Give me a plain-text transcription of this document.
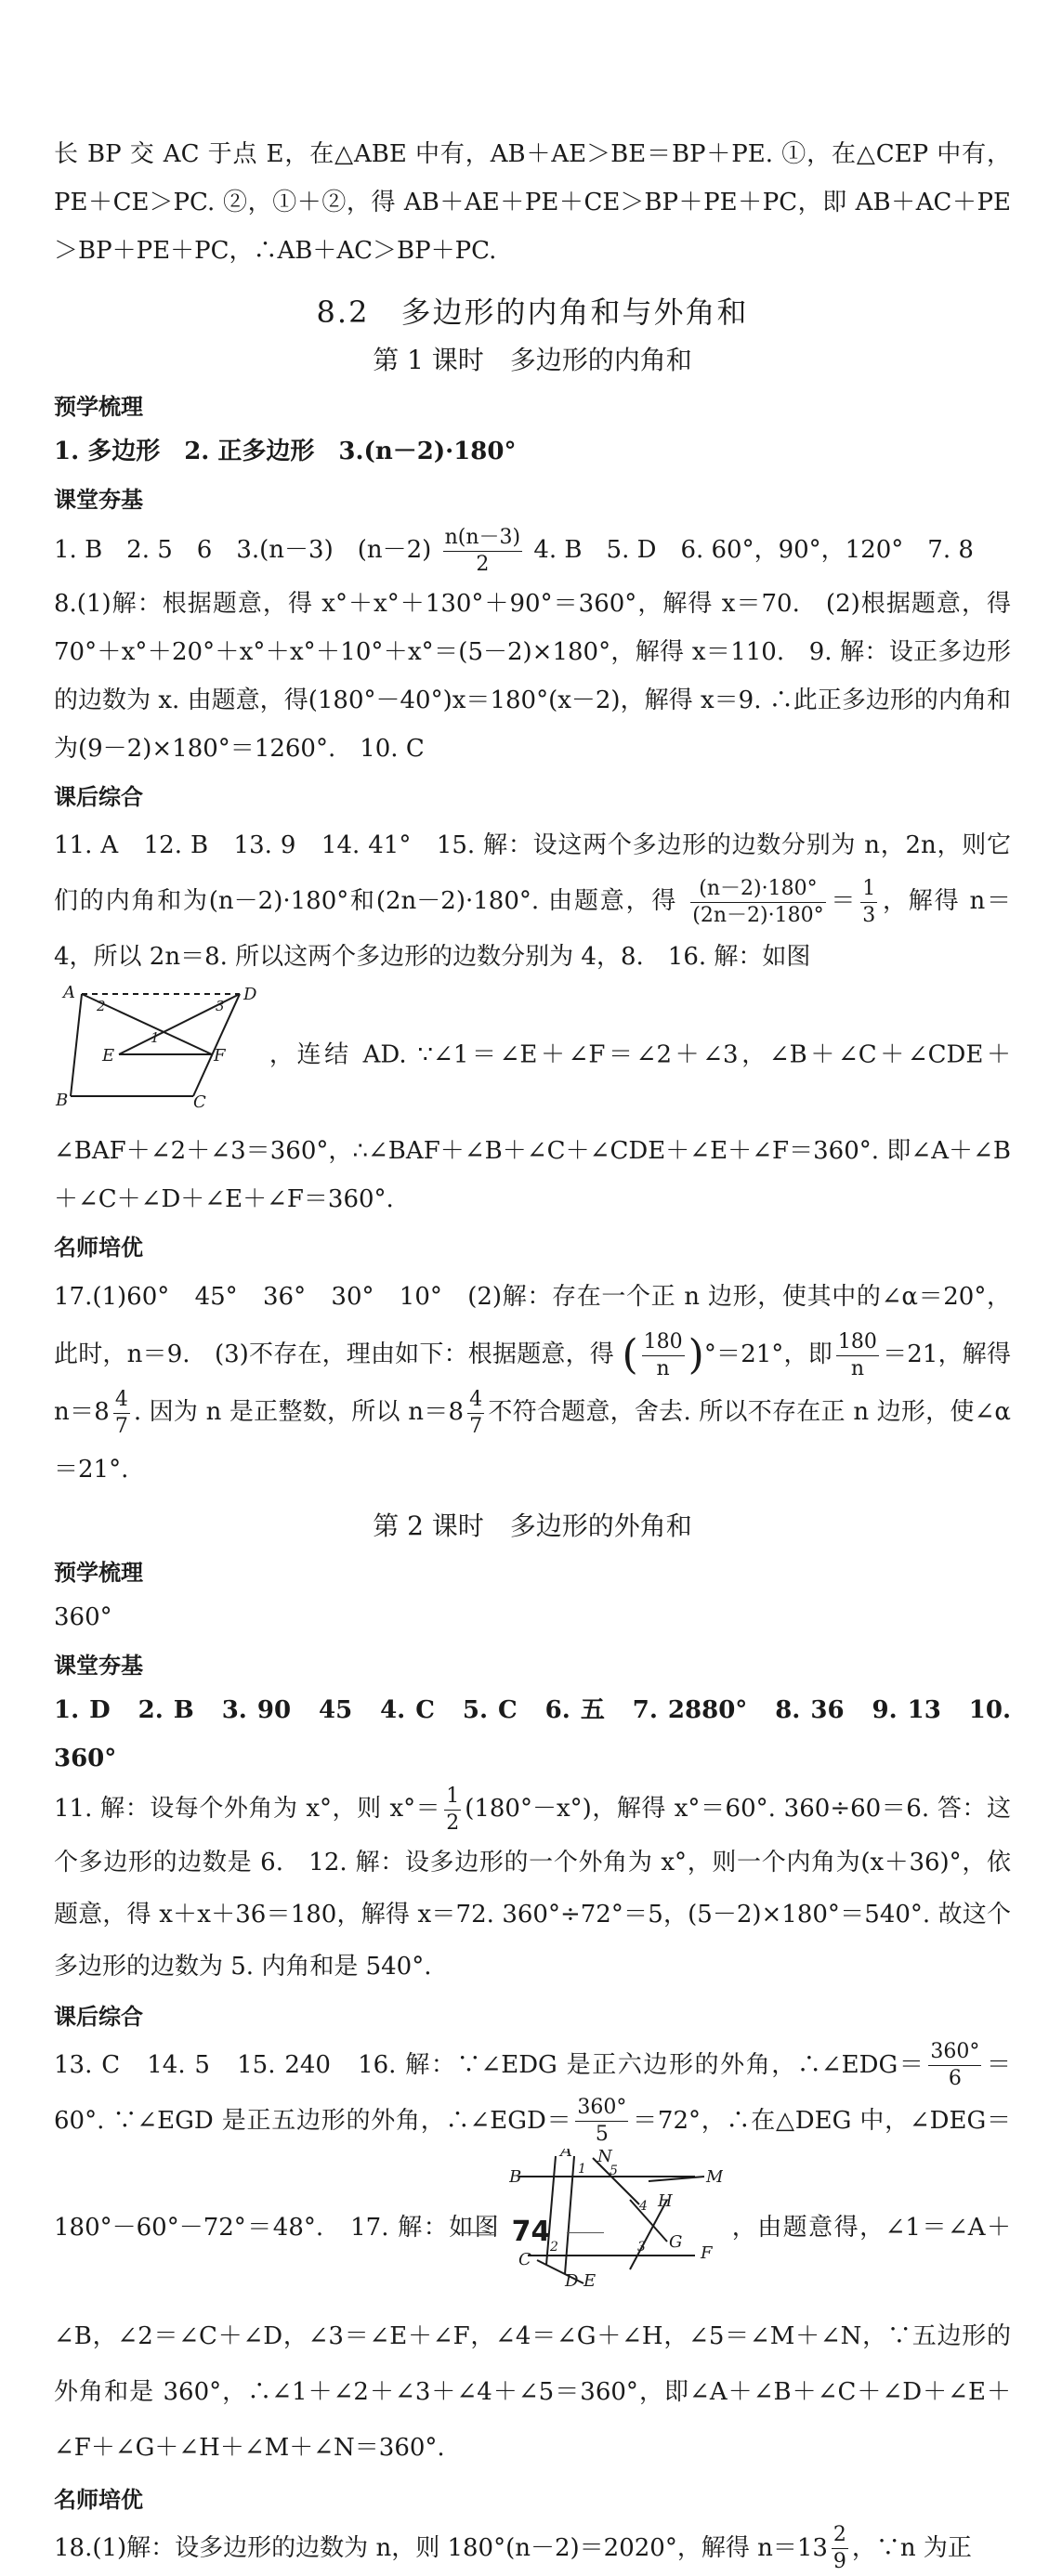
长 BP 交 AC 于点 E，在△ABE 中有，AB＋AE＞BE＝BP＋PE. ①，在△CEP 中有，PE＋CE＞PC. ②，①＋②，得 AB＋AE＋PE＋CE＞BP＋PE＋PC，即 AB＋AC＋PE＞BP＋PE＋PC，∴AB＋AC＞BP＋PC.

8.2　多边形的内角和与外角和
第 1 课时　多边形的内角和
预学梳理

1. 多边形　2. 正多边形　3.(n－2)·180°

课堂夯基

1. B　2. 5　6　3.(n－3)　$(n-2) \frac{n(n-3)}{2} 4$. B　5. D　6. 60°，90°，120°　7. 8

8.(1)解：根据题意，得 x°＋x°＋130°＋90°＝360°，解得 x＝70.　(2)根据题意，得 70°＋x°＋20°＋x°＋x°＋10°＋x°＝(5－2)×180°，解得 x＝110.　9. 解：设正多边形的边数为 x. 由题意，得(180°－40°)x＝180°(x－2)，解得 x＝9. ∴此正多边形的内角和为(9－2)×180°＝1260°.　10. C

课后综合

11. A　12. B　13. 9　14. 41°　15. 解：设这两个多边形的边数分别为 n，2n，则它们的内角和为(n－2)·180°和(2n－2)·180°. 由题意，得 $\frac{(n-2)\cdot 180^\circ}{(2n-2)\cdot 180^\circ} = \frac{1}{3}$ ，解得 n＝4，所以 2n＝8. 所以这两个多边形的边数分别为 4，8.　16. 解：如图

A	D
B	C
E	F
1
2	3
，连结 AD. ∵∠1＝∠E＋∠F＝∠2＋∠3，∠B＋∠C＋∠CDE＋∠BAF＋∠2＋∠3＝360°，∴∠BAF＋∠B＋∠C＋∠CDE＋∠E＋∠F＝360°. 即∠A＋∠B＋∠C＋∠D＋∠E＋∠F＝360°.

名师培优

17.(1)60°　45°　36°　30°　10°　(2)解：存在一个正 n 边形，使其中的∠α＝20°，此时，n＝9.　(3)不存在，理由如下：根据题意，得 ( $\frac{180}{n} )^\circ=21^\circ$，即 $\frac{180}{n} =21$，解得 $n=8 \frac{4}{7}$ . 因为 n 是正整数，所以 $n=8 \frac{4}{7}$ 不符合题意，舍去. 所以不存在正 n 边形，使∠α＝21°.

第 2 课时　多边形的外角和
预学梳理

360°

课堂夯基

1. D　2. B　3. 90　45　4. C　5. C　6. 五　7. 2880°　8. 36　9. 13　10. 360°

11. 解：设每个外角为 x°，则 $x^\circ= \frac{1}{2} (180^\circ-x^\circ)$，解得 x°＝60°. 360÷60＝6. 答：这个多边形的边数是 6.　12. 解：设多边形的一个外角为 x°，则一个内角为(x＋36)°，依题意，得 x＋x＋36＝180，解得 x＝72. 360°÷72°＝5，(5－2)×180°＝540°. 故这个多边形的边数为 5. 内角和是 540°.

课后综合

13. C　14. 5　15. 240　16. 解：∵∠EDG 是正六边形的外角，∴∠EDG＝ $\frac{360^\circ}{6} =60^\circ$. ∵∠EGD 是正五边形的外角，∴∠EGD＝ $\frac{360^\circ}{5} =72^\circ$，∴在△DEG 中，∠DEG＝180°－60°－72°＝48°.　17. 解：如图
A
B
N
M
H
G
F
E
D
C
1
2	3
4
5
，由题意得，∠1＝∠A＋∠B，∠2＝∠C＋∠D，∠3＝∠E＋∠F，∠4＝∠G＋∠H，∠5＝∠M＋∠N，∵五边形的外角和是 360°，∴∠1＋∠2＋∠3＋∠4＋∠5＝360°，即∠A＋∠B＋∠C＋∠D＋∠E＋∠F＋∠G＋∠H＋∠M＋∠N＝360°.

名师培优

18.(1)解：设多边形的边数为 n，则 180°(n－2)＝2020°，解得 $n=13 \frac{2}{9}$ ，∵n 为正

74
